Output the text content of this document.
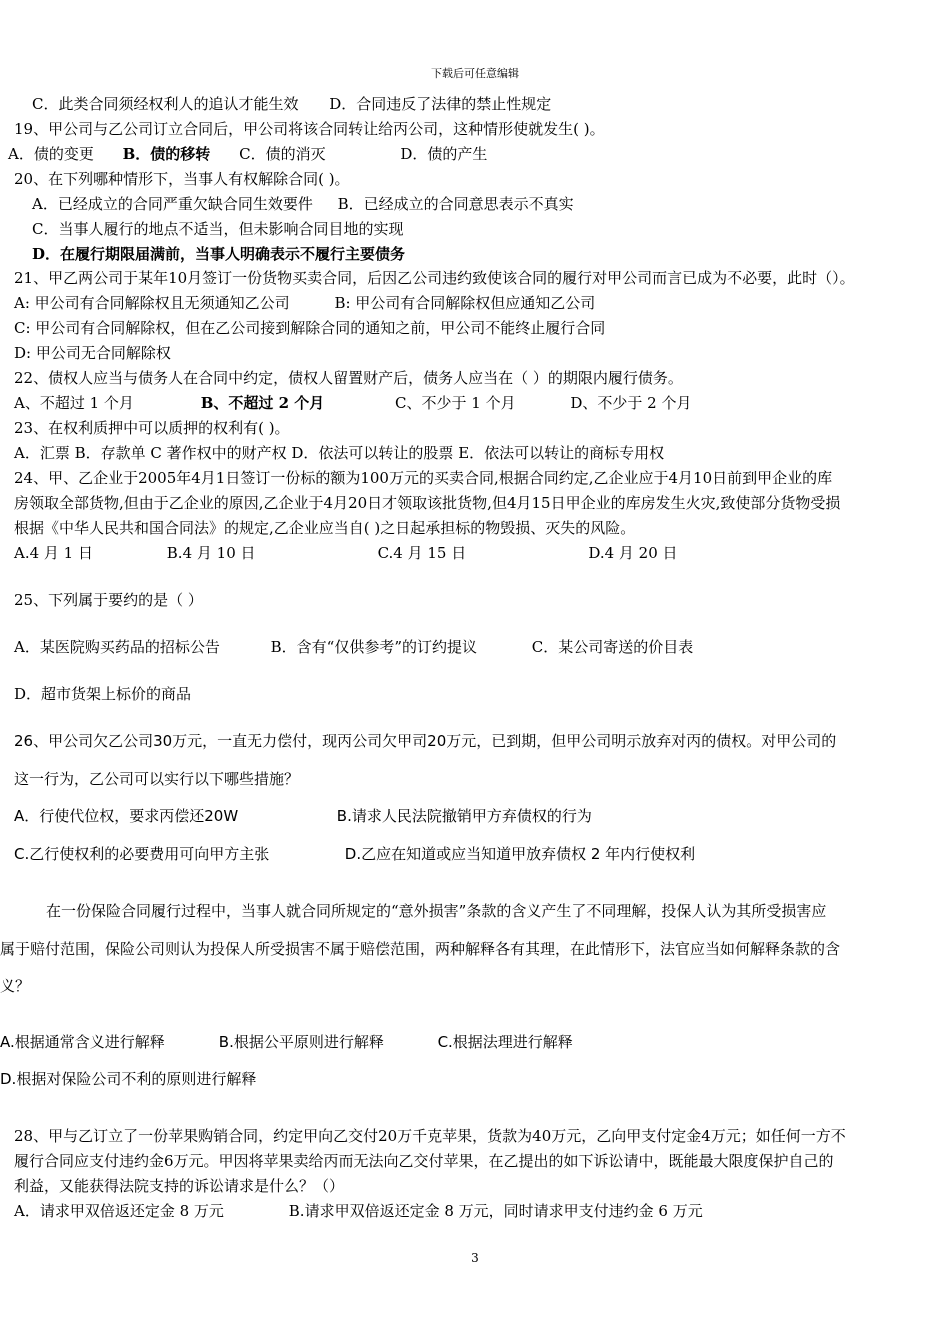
下载后可任意编辑
C．此类合同须经权利人的追认才能生效 D．合同违反了法律的禁止性规定
19、甲公司与乙公司订立合同后，甲公司将该合同转让给丙公司，这种情形使就发生( )。
A．债的变更 B．债的移转 C．债的消灭	D．债的产生
20、在下列哪种情形下，当事人有权解除合同( )。
A．已经成立的合同严重欠缺合同生效要件 B．已经成立的合同意思表示不真实
C．当事人履行的地点不适当，但未影响合同目地的实现
D．在履行期限届满前，当事人明确表示不履行主要债务
21、甲乙两公司于某年10月签订一份货物买卖合同，后因乙公司违约致使该合同的履行对甲公司而言已成为不必要，此时（）。
A: 甲公司有合同解除权且无须通知乙公司	B: 甲公司有合同解除权但应通知乙公司
C: 甲公司有合同解除权，但在乙公司接到解除合同的通知之前，甲公司不能终止履行合同
D: 甲公司无合同解除权
22、债权人应当与债务人在合同中约定，债权人留置财产后，债务人应当在（ ）的期限内履行债务。
A、不超过 1 个月	B、不超过 2 个月	C、不少于 1 个月	D、不少于 2 个月
23、在权利质押中可以质押的权利有( )。
A．汇票 B．存款单 C 著作权中的财产权 D．依法可以转让的股票 E．依法可以转让的商标专用权
24、甲、乙企业于2005年4月1日签订一份标的额为100万元的买卖合同,根据合同约定,乙企业应于4月10日前到甲企业的库
房领取全部货物,但由于乙企业的原因,乙企业于4月20日才领取该批货物,但4月15日甲企业的库房发生火灾,致使部分货物受损
根据《中华人民共和国合同法》的规定,乙企业应当自( )之日起承担标的物毁损、灭失的风险。
A.4 月 1 日	B.4 月 10 日	C.4 月 15 日	D.4 月 20 日
25、下列属于要约的是（ ）
A．某医院购买药品的招标公告	B．含有“仅供参考”的订约提议	C．某公司寄送的价目表
D．超市货架上标价的商品
26、甲公司欠乙公司30万元，一直无力偿付，现丙公司欠甲司20万元，已到期，但甲公司明示放弃对丙的债权。对甲公司的
这一行为，乙公司可以实行以下哪些措施？
A．行使代位权，要求丙偿还20W	B.请求人民法院撤销甲方弃债权的行为
C.乙行使权利的必要费用可向甲方主张	D.乙应在知道或应当知道甲放弃债权 2 年内行使权利
在一份保险合同履行过程中，当事人就合同所规定的“意外损害”条款的含义产生了不同理解，投保人认为其所受损害应
属于赔付范围，保险公司则认为投保人所受损害不属于赔偿范围，两种解释各有其理，在此情形下，法官应当如何解释条款的含
义？
A.根据通常含义进行解释	B.根据公平原则进行解释	C.根据法理进行解释
D.根据对保险公司不利的原则进行解释
28、甲与乙订立了一份苹果购销合同，约定甲向乙交付20万千克苹果，货款为40万元，乙向甲支付定金4万元；如任何一方不
履行合同应支付违约金6万元。甲因将苹果卖给丙而无法向乙交付苹果，在乙提出的如下诉讼请中，既能最大限度保护自己的
利益，又能获得法院支持的诉讼请求是什么？（）
A．请求甲双倍返还定金 8 万元	B.请求甲双倍返还定金 8 万元，同时请求甲支付违约金 6 万元
3
